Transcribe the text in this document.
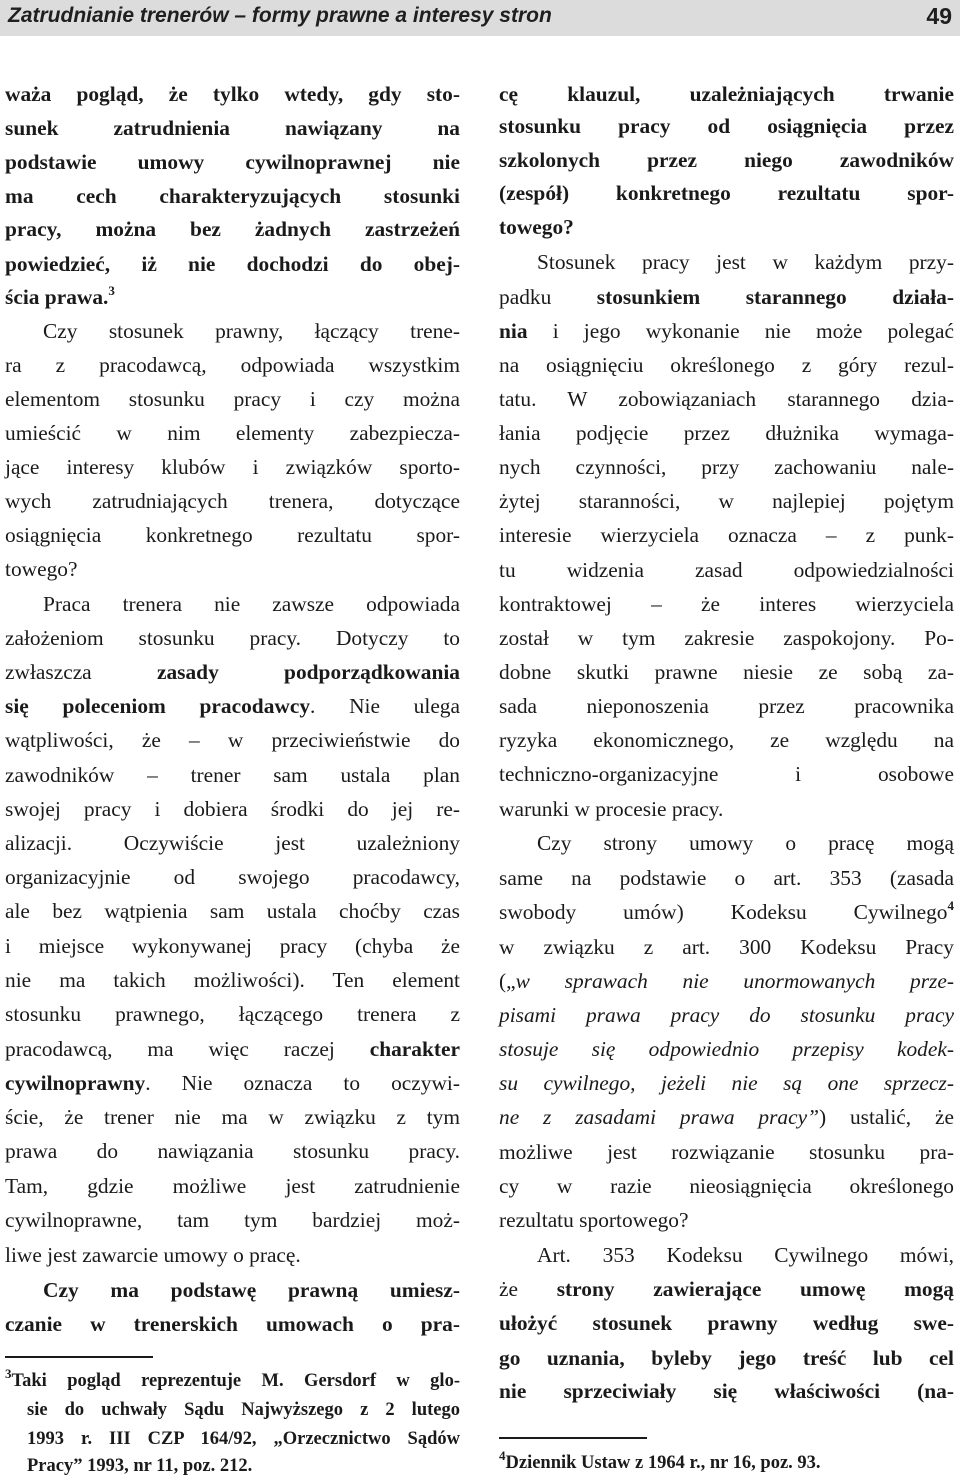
Zatrudnianie trenerów – formy prawne a interesy stron	49
waża pogląd, że tylko wtedy, gdy sto-
sunek zatrudnienia nawiązany na
podstawie umowy cywilnoprawnej nie
ma cech charakteryzujących stosunki
pracy, można bez żadnych zastrzeżeń
powiedzieć, iż nie dochodzi do obej-
ścia prawa.$^3$
Czy stosunek prawny, łączący trene-
ra z pracodawcą, odpowiada wszystkim
elementom stosunku pracy i czy można
umieścić w nim elementy zabezpiecza-
jące interesy klubów i związków sporto-
wych zatrudniających trenera, dotyczące
osiągnięcia konkretnego rezultatu spor-
towego?
Praca trenera nie zawsze odpowiada
założeniom stosunku pracy. Dotyczy to
zwłaszcza zasady podporządkowania
się poleceniom pracodawcy. Nie ulega
wątpliwości, że – w przeciwieństwie do
zawodników – trener sam ustala plan
swojej pracy i dobiera środki do jej re-
alizacji. Oczywiście jest uzależniony
organizacyjnie od swojego pracodawcy,
ale bez wątpienia sam ustala choćby czas
i miejsce wykonywanej pracy (chyba że
nie ma takich możliwości). Ten element
stosunku prawnego, łączącego trenera z
pracodawcą, ma więc raczej charakter
cywilnoprawny. Nie oznacza to oczywi-
ście, że trener nie ma w związku z tym
prawa do nawiązania stosunku pracy.
Tam, gdzie możliwe jest zatrudnienie
cywilnoprawne, tam tym bardziej moż-
liwe jest zawarcie umowy o pracę.
Czy ma podstawę prawną umiesz-
czanie w trenerskich umowach o pra-
$^3$Taki pogląd reprezentuje M. Gersdorf w glo-
sie do uchwały Sądu Najwyższego z 2 lutego
1993 r. III CZP 164/92, „Orzecznictwo Sądów
Pracy” 1993, nr 11, poz. 212.
cę klauzul, uzależniających trwanie
stosunku pracy od osiągnięcia przez
szkolonych przez niego zawodników
(zespół) konkretnego rezultatu spor-
towego?
Stosunek pracy jest w każdym przy-
padku stosunkiem starannego działa-
nia i jego wykonanie nie może polegać
na osiągnięciu określonego z góry rezul-
tatu. W zobowiązaniach starannego dzia-
łania podjęcie przez dłużnika wymaga-
nych czynności, przy zachowaniu nale-
żytej staranności, w najlepiej pojętym
interesie wierzyciela oznacza – z punk-
tu widzenia zasad odpowiedzialności
kontraktowej – że interes wierzyciela
został w tym zakresie zaspokojony. Po-
dobne skutki prawne niesie ze sobą za-
sada nieponoszenia przez pracownika
ryzyka ekonomicznego, ze względu na
techniczno-organizacyjne i osobowe
warunki w procesie pracy.
Czy strony umowy o pracę mogą
same na podstawie o art. 353 (zasada
swobody umów) Kodeksu Cywilnego$^4$
w związku z art. 300 Kodeksu Pracy
(„w sprawach nie unormowanych prze-
pisami prawa pracy do stosunku pracy
stosuje się odpowiednio przepisy kodek-
su cywilnego, jeżeli nie są one sprzecz-
ne z zasadami prawa pracy”) ustalić, że
możliwe jest rozwiązanie stosunku pra-
cy w razie nieosiągnięcia określonego
rezultatu sportowego?
Art. 353 Kodeksu Cywilnego mówi,
że strony zawierające umowę mogą
ułożyć stosunek prawny według swe-
go uznania, byleby jego treść lub cel
nie sprzeciwiały się właściwości (na-
$^4$Dziennik Ustaw z 1964 r., nr 16, poz. 93.
